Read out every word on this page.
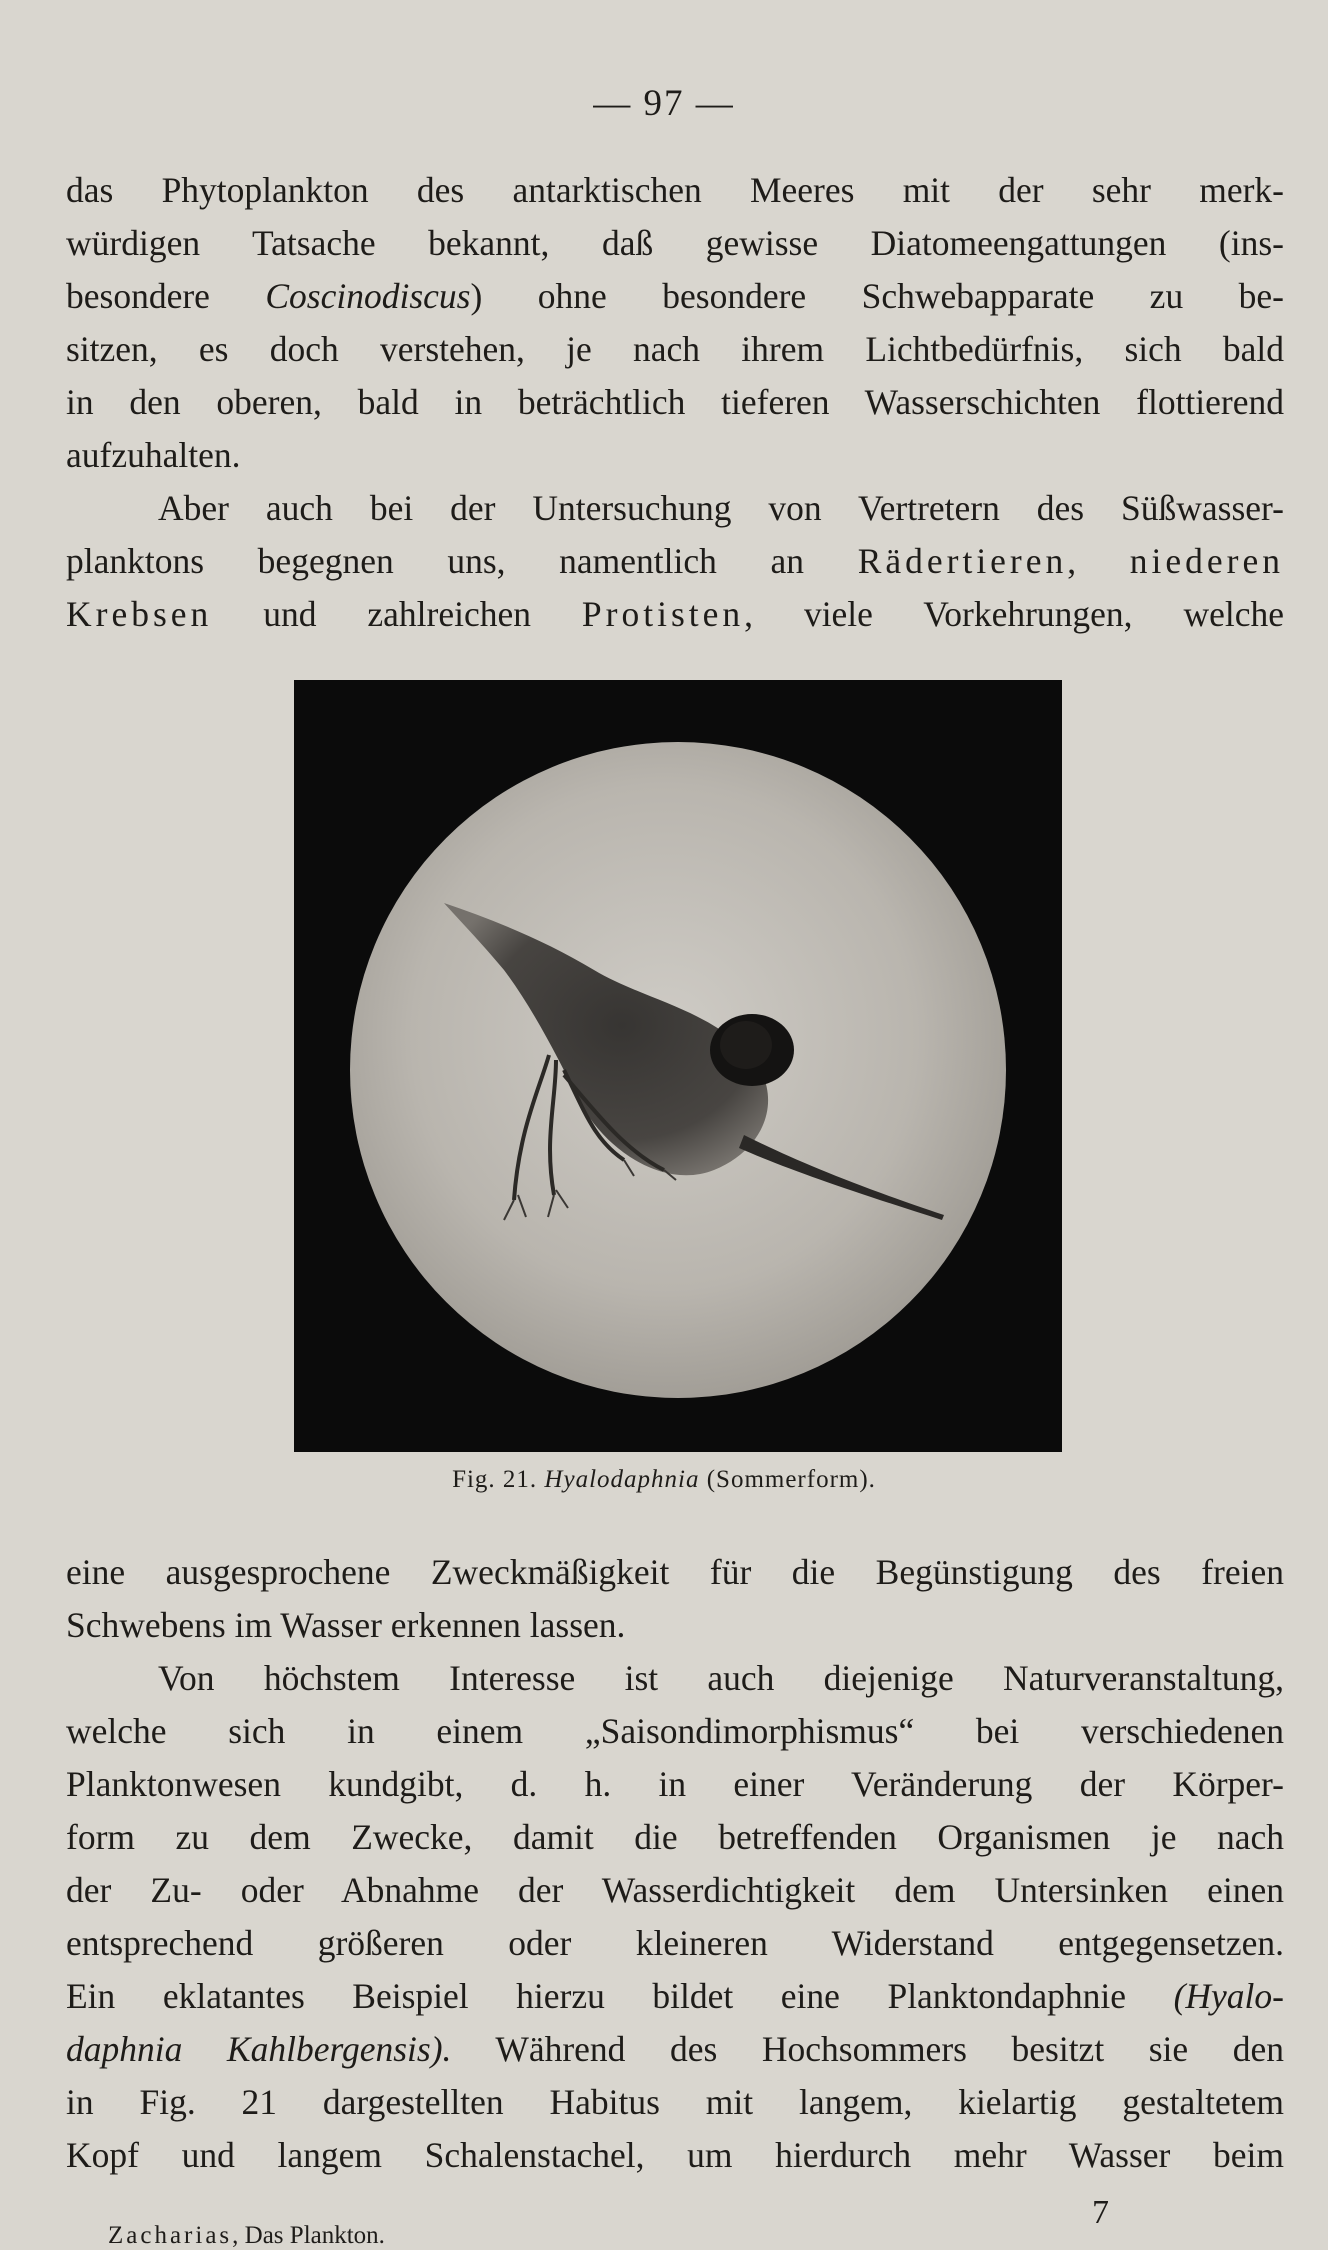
— 97 —

das Phytoplankton des antarktischen Meeres mit der sehr merk-

würdigen Tatsache bekannt, daß gewisse Diatomeengattungen (ins-

besondere Coscinodiscus) ohne besondere Schwebapparate zu be-

sitzen, es doch verstehen, je nach ihrem Lichtbedürfnis, sich bald

in den oberen, bald in beträchtlich tieferen Wasserschichten flottierend

aufzuhalten.

Aber auch bei der Untersuchung von Vertretern des Süßwasser-

planktons begegnen uns, namentlich an Rädertieren, niederen

Krebsen und zahlreichen Protisten, viele Vorkehrungen, welche

Fig. 21. Hyalodaphnia (Sommerform).

eine ausgesprochene Zweckmäßigkeit für die Begünstigung des freien

Schwebens im Wasser erkennen lassen.

Von höchstem Interesse ist auch diejenige Naturveranstaltung,

welche sich in einem „Saisondimorphismus“ bei verschiedenen

Planktonwesen kundgibt, d. h. in einer Veränderung der Körper-

form zu dem Zwecke, damit die betreffenden Organismen je nach

der Zu- oder Abnahme der Wasserdichtigkeit dem Untersinken einen

entsprechend größeren oder kleineren Widerstand entgegensetzen.

Ein eklatantes Beispiel hierzu bildet eine Planktondaphnie (Hyalo-

daphnia Kahlbergensis). Während des Hochsommers besitzt sie den

in Fig. 21 dargestellten Habitus mit langem, kielartig gestaltetem

Kopf und langem Schalenstachel, um hierdurch mehr Wasser beim

Zacharias, Das Plankton.
7
